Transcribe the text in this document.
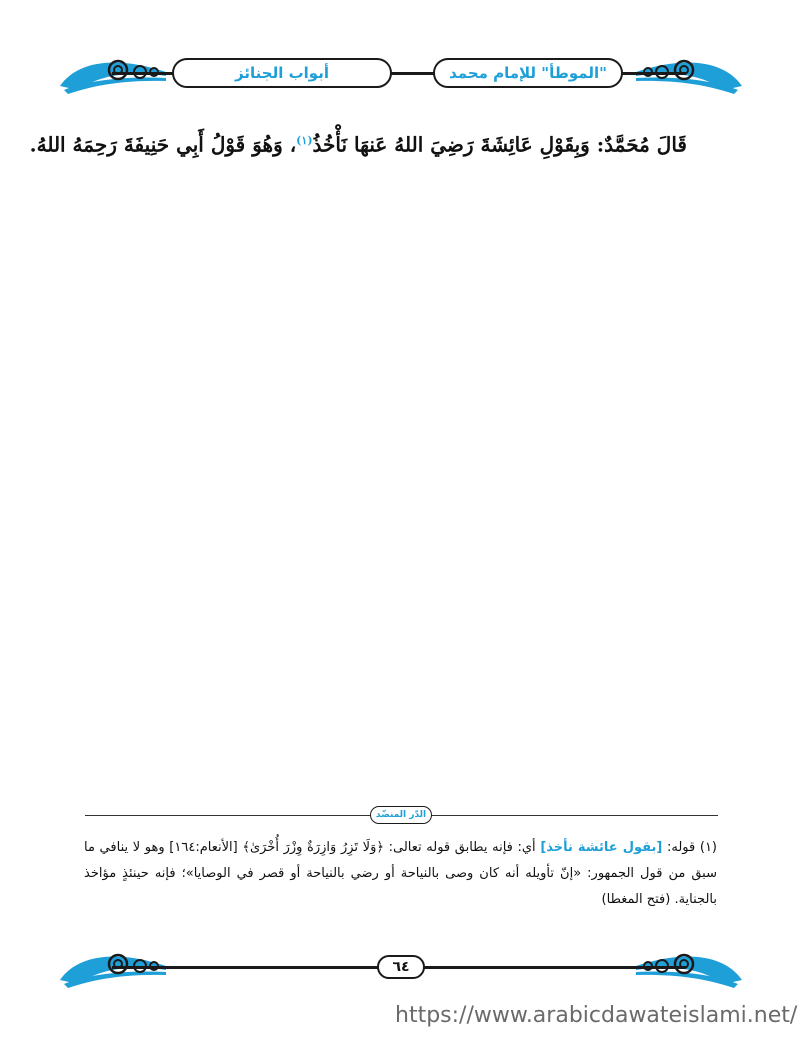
أبواب الجنائز	"الموطأ" للإمام محمد
قَالَ مُحَمَّدٌ: وَبِقَوْلِ عَائِشَةَ رَضِيَ اللهُ عَنهَا نَأْخُذُ$^{(١)}$، وَهُوَ قَوْلُ أَبِي حَنِيفَةَ رَحِمَهُ اللهُ.
الدّر المنضّد
(١) قوله: [بقول عائشة نأخذ] أي: فإنه يطابق قوله تعالى: ﴿وَلَا تَزِرُ وَازِرَةٌ وِزْرَ أُخْرَىٰ﴾ [الأنعام:١٦٤] وهو لا ينافي ما سبق من قول الجمهور: «إنّ تأويله أنه كان وصى بالنياحة أو رضي بالنياحة أو قصر في الوصايا»؛ فإنه حينئذٍ مؤاخذ بالجناية. (فتح المغطا)
٦٤
https://www.arabicdawateislami.net/
